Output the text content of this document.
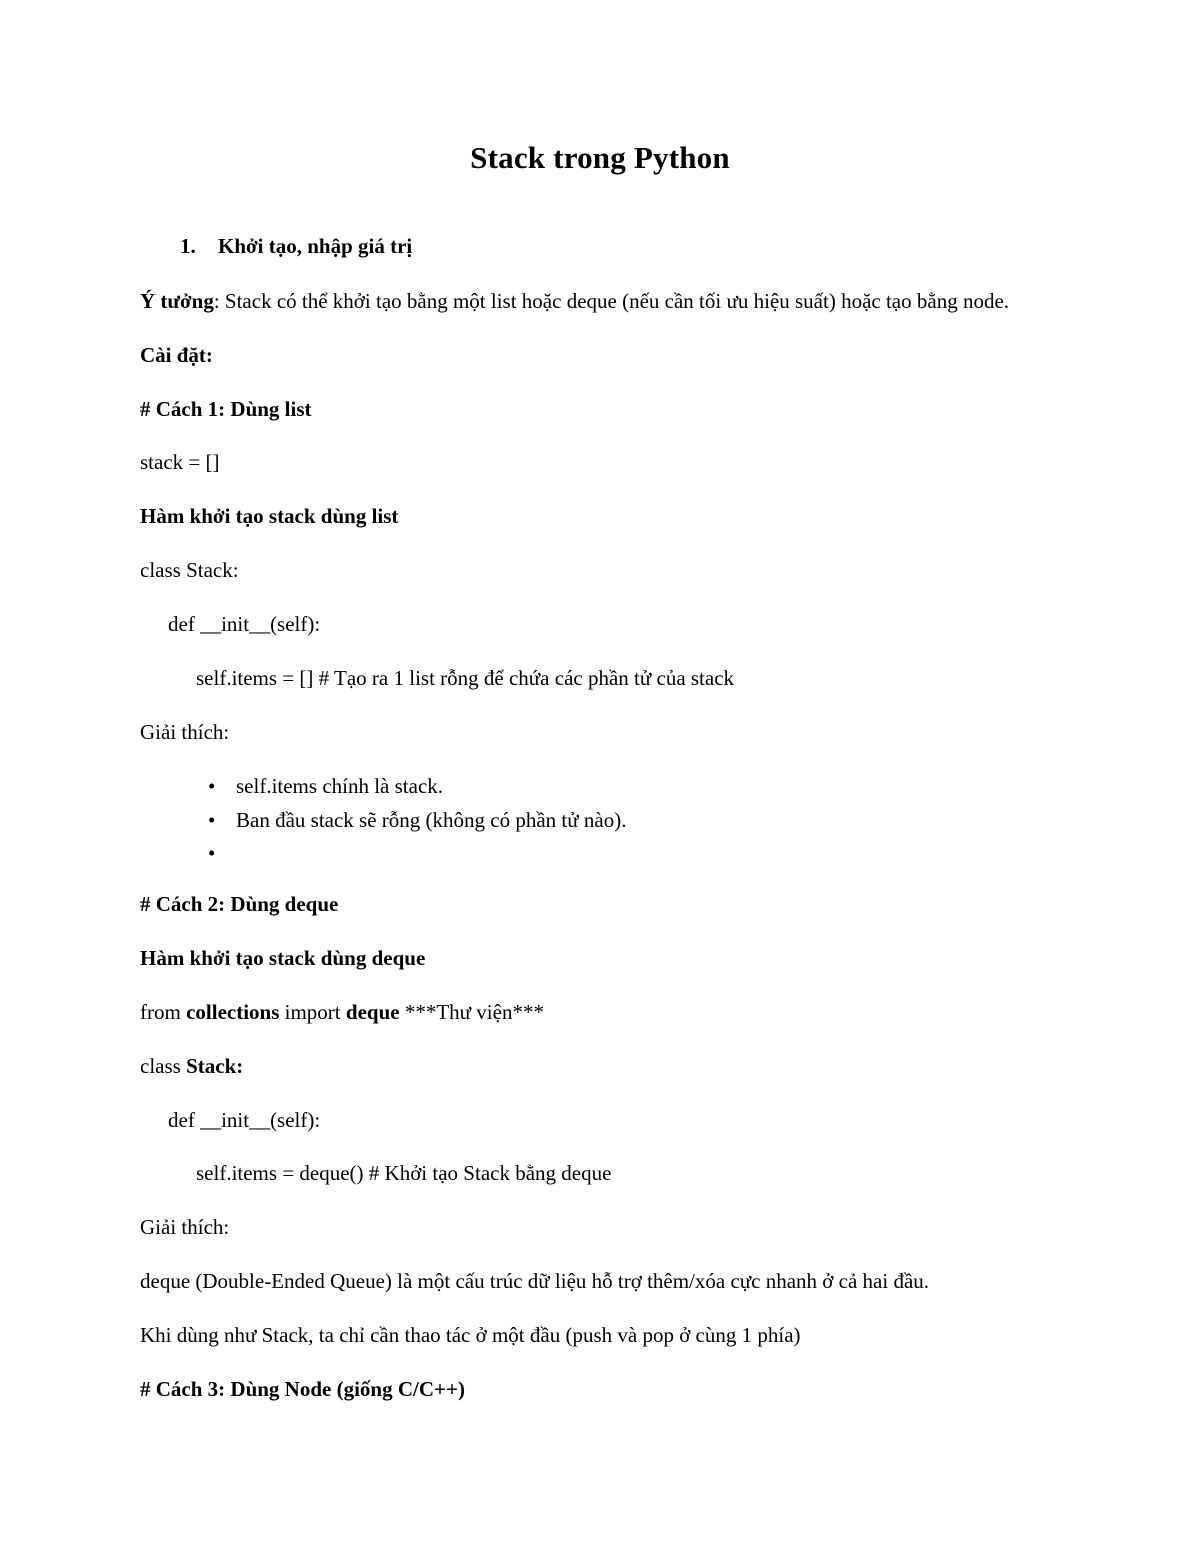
Stack trong Python
1. Khởi tạo, nhập giá trị

Ý tưởng: Stack có thể khởi tạo bằng một list hoặc deque (nếu cần tối ưu hiệu suất) hoặc tạo bằng node.

Cài đặt:

# Cách 1: Dùng list

stack = []

Hàm khởi tạo stack dùng list

class Stack:

def __init__(self):

self.items = [] # Tạo ra 1 list rỗng để chứa các phần tử của stack

Giải thích:

• self.items chính là stack.
• Ban đầu stack sẽ rỗng (không có phần tử nào).
•

# Cách 2: Dùng deque

Hàm khởi tạo stack dùng deque

from collections import deque ***Thư viện***

class Stack:

def __init__(self):

self.items = deque() # Khởi tạo Stack bằng deque

Giải thích:

deque (Double-Ended Queue) là một cấu trúc dữ liệu hỗ trợ thêm/xóa cực nhanh ở cả hai đầu.

Khi dùng như Stack, ta chỉ cần thao tác ở một đầu (push và pop ở cùng 1 phía)

# Cách 3: Dùng Node (giống C/C++)
